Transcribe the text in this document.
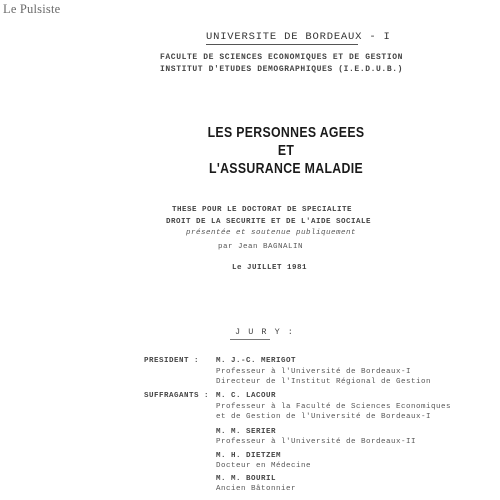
Le Pulsiste
UNIVERSITE DE BORDEAUX - I
FACULTE DE SCIENCES ECONOMIQUES ET DE GESTION
INSTITUT D'ETUDES DEMOGRAPHIQUES (I.E.D.U.B.)
LES PERSONNES AGEES
ET
L'ASSURANCE MALADIE
THESE POUR LE DOCTORAT DE SPECIALITE
DROIT DE LA SECURITE ET DE L'AIDE SOCIALE
présentée et soutenue publiquement
par Jean BAGNALIN
Le JUILLET 1981
J U R Y :
PRESIDENT : M. J.-C. MERIGOT
Professeur à l'Université de Bordeaux-I
Directeur de l'Institut Régional de Gestion
SUFFRAGANTS : M. C. LACOUR
Professeur à la Faculté de Sciences Economiques
et de Gestion de l'Université de Bordeaux-I
M. M. SERIER
Professeur à l'Université de Bordeaux-II
M. H. DIETZEM
Docteur en Médecine
M. M. BOURIL
Ancien Bâtonnier
